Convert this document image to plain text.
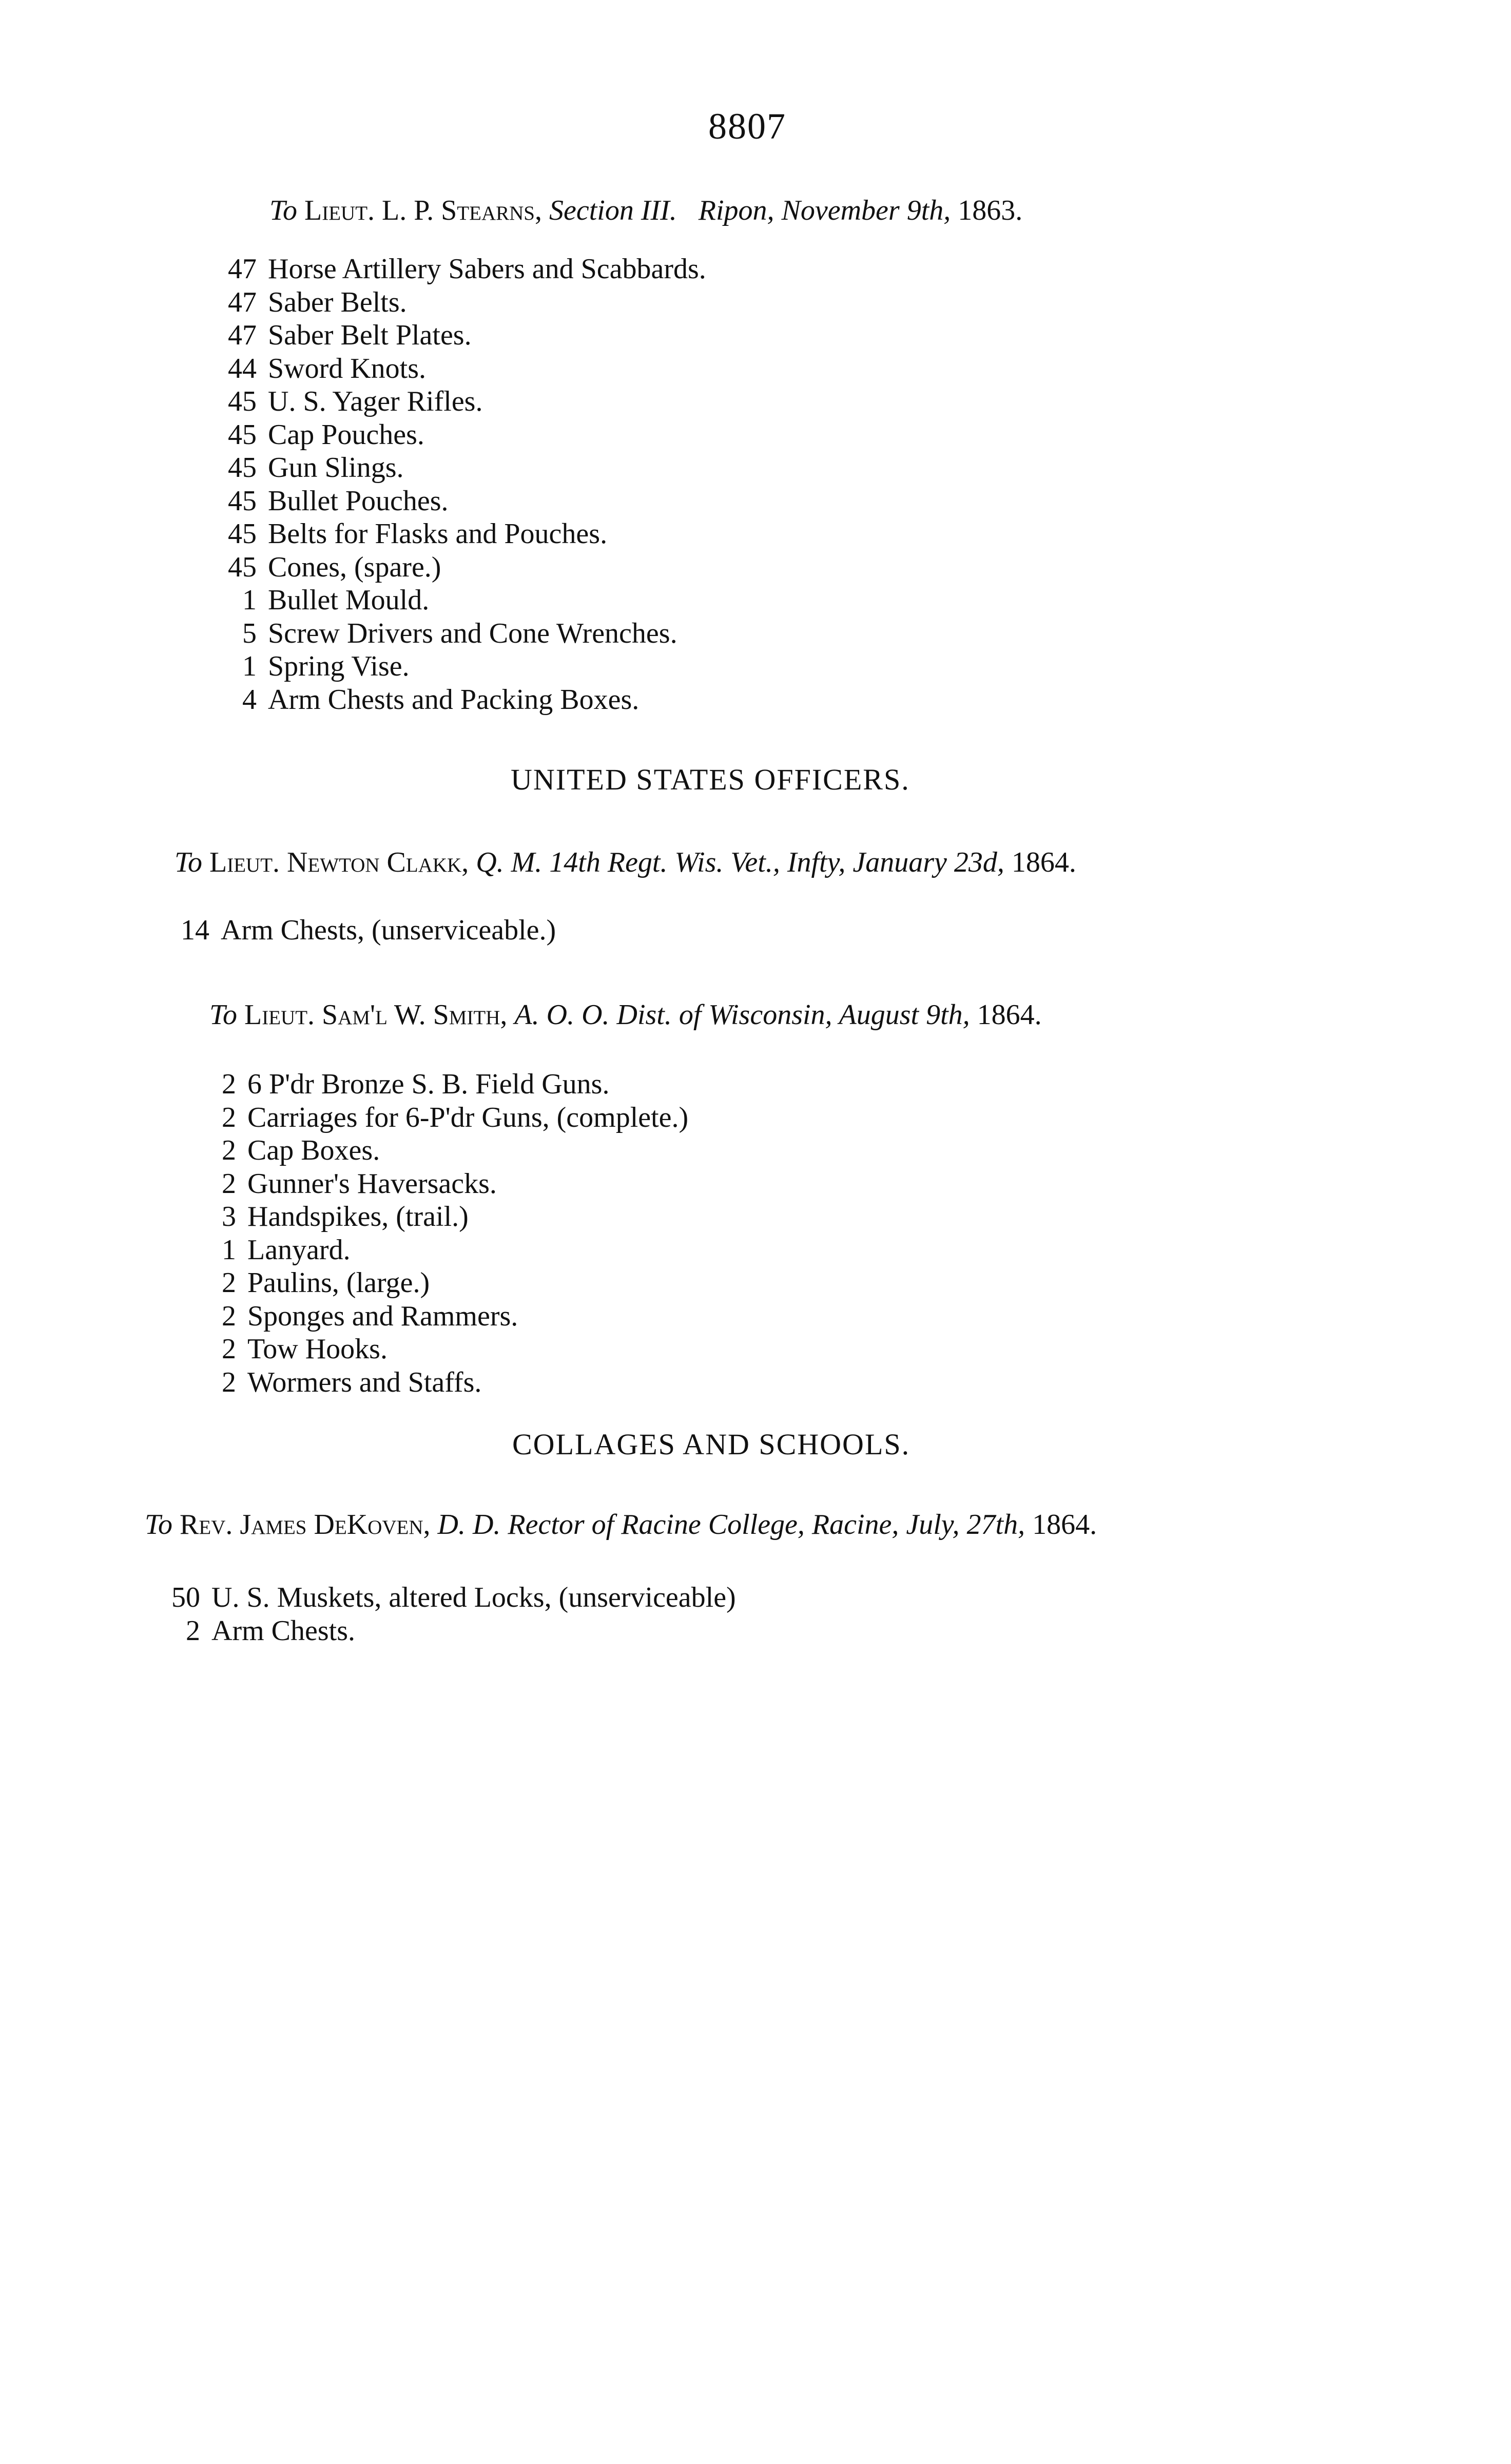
8807
To Lieut. L. P. Stearns, Section III. Ripon, November 9th, 1863.
47 Horse Artillery Sabers and Scabbards.
47 Saber Belts.
47 Saber Belt Plates.
44 Sword Knots.
45 U. S. Yager Rifles.
45 Cap Pouches.
45 Gun Slings.
45 Bullet Pouches.
45 Belts for Flasks and Pouches.
45 Cones, (spare.)
1 Bullet Mould.
5 Screw Drivers and Cone Wrenches.
1 Spring Vise.
4 Arm Chests and Packing Boxes.
UNITED STATES OFFICERS.
To Lieut. Newton Clakk, Q. M. 14th Regt. Wis. Vet., Infty, January 23d, 1864.
14 Arm Chests, (unserviceable.)
To Lieut. Sam'l W. Smith, A. O. O. Dist. of Wisconsin, August 9th, 1864.
2 6 P'dr Bronze S. B. Field Guns.
2 Carriages for 6-P'dr Guns, (complete.)
2 Cap Boxes.
2 Gunner's Haversacks.
3 Handspikes, (trail.)
1 Lanyard.
2 Paulins, (large.)
2 Sponges and Rammers.
2 Tow Hooks.
2 Wormers and Staffs.
COLLAGES AND SCHOOLS.
To Rev. James DeKoven, D. D. Rector of Racine College, Racine, July, 27th, 1864.
50 U. S. Muskets, altered Locks, (unserviceable)
2 Arm Chests.
